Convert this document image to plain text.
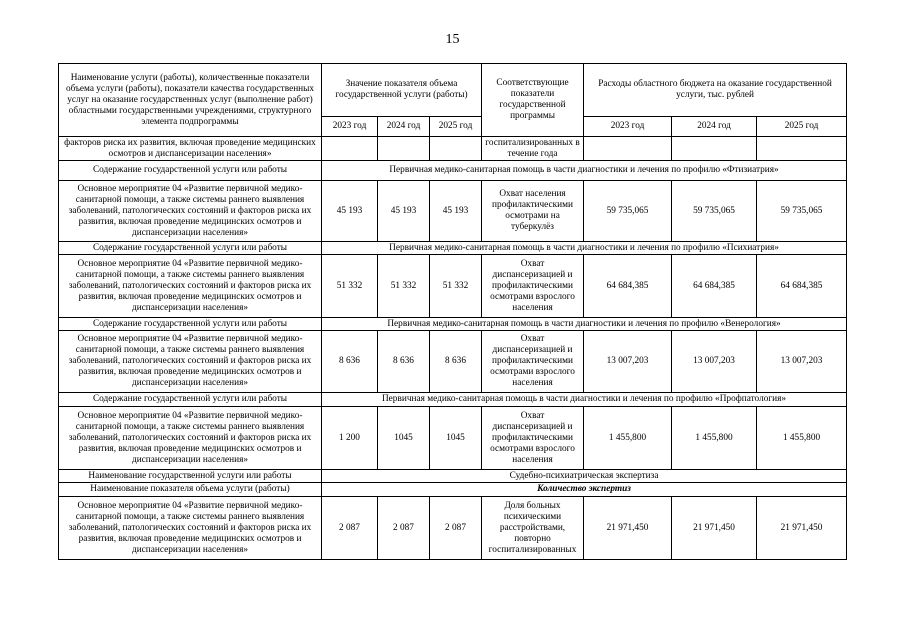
15
Наименование услуги (работы), количественные показатели объема услуги (работы), показатели качества государственных услуг на оказание государственных услуг (выполнение работ) областными государственными учреждениями, структурного элемента подпрограммы	Значение показателя объема государственной услуги (работы)			Соответствующие показатели государственной программы	Расходы областного бюджета на оказание государственной услуги, тыс. рублей		
	2023 год	2024 год	2025 год		2023 год	2024 год	2025 год
факторов риска их развития, включая проведение медицинских осмотров и диспансеризации населения»				госпитализированных в течение года			
Содержание государственной услуги или работы	Первичная медико-санитарная помощь в части диагностики и лечения по профилю «Фтизиатрия»						
Основное мероприятие 04 «Развитие первичной медико-санитарной помощи, а также системы раннего выявления заболеваний, патологических состояний и факторов риска их развития, включая проведение медицинских осмотров и диспансеризации населения»	45 193	45 193	45 193	Охват населения профилактическими осмотрами на туберкулёз	59 735,065	59 735,065	59 735,065
Содержание государственной услуги или работы	Первичная медико-санитарная помощь в части диагностики и лечения по профилю «Психиатрия»						
Основное мероприятие 04 «Развитие первичной медико-санитарной помощи, а также системы раннего выявления заболеваний, патологических состояний и факторов риска их развития, включая проведение медицинских осмотров и диспансеризации населения»	51 332	51 332	51 332	Охват диспансеризацией и профилактическими осмотрами взрослого населения	64 684,385	64 684,385	64 684,385
Содержание государственной услуги или работы	Первичная медико-санитарная помощь в части диагностики и лечения по профилю «Венерология»						
Основное мероприятие 04 «Развитие первичной медико-санитарной помощи, а также системы раннего выявления заболеваний, патологических состояний и факторов риска их развития, включая проведение медицинских осмотров и диспансеризации населения»	8 636	8 636	8 636	Охват диспансеризацией и профилактическими осмотрами взрослого населения	13 007,203	13 007,203	13 007,203
Содержание государственной услуги или работы	Первичная медико-санитарная помощь в части диагностики и лечения по профилю «Профпатология»						
Основное мероприятие 04 «Развитие первичной медико-санитарной помощи, а также системы раннего выявления заболеваний, патологических состояний и факторов риска их развития, включая проведение медицинских осмотров и диспансеризации населения»	1 200	1045	1045	Охват диспансеризацией и профилактическими осмотрами взрослого населения	1 455,800	1 455,800	1 455,800
Наименование государственной услуги или работы	Судебно-психиатрическая экспертиза						
Наименование показателя объема услуги (работы)	Количество экспертиз						
Основное мероприятие 04 «Развитие первичной медико-санитарной помощи, а также системы раннего выявления заболеваний, патологических состояний и факторов риска их развития, включая проведение медицинских осмотров и диспансеризации населения»	2 087	2 087	2 087	Доля больных психическими расстройствами, повторно госпитализированных	21 971,450	21 971,450	21 971,450
